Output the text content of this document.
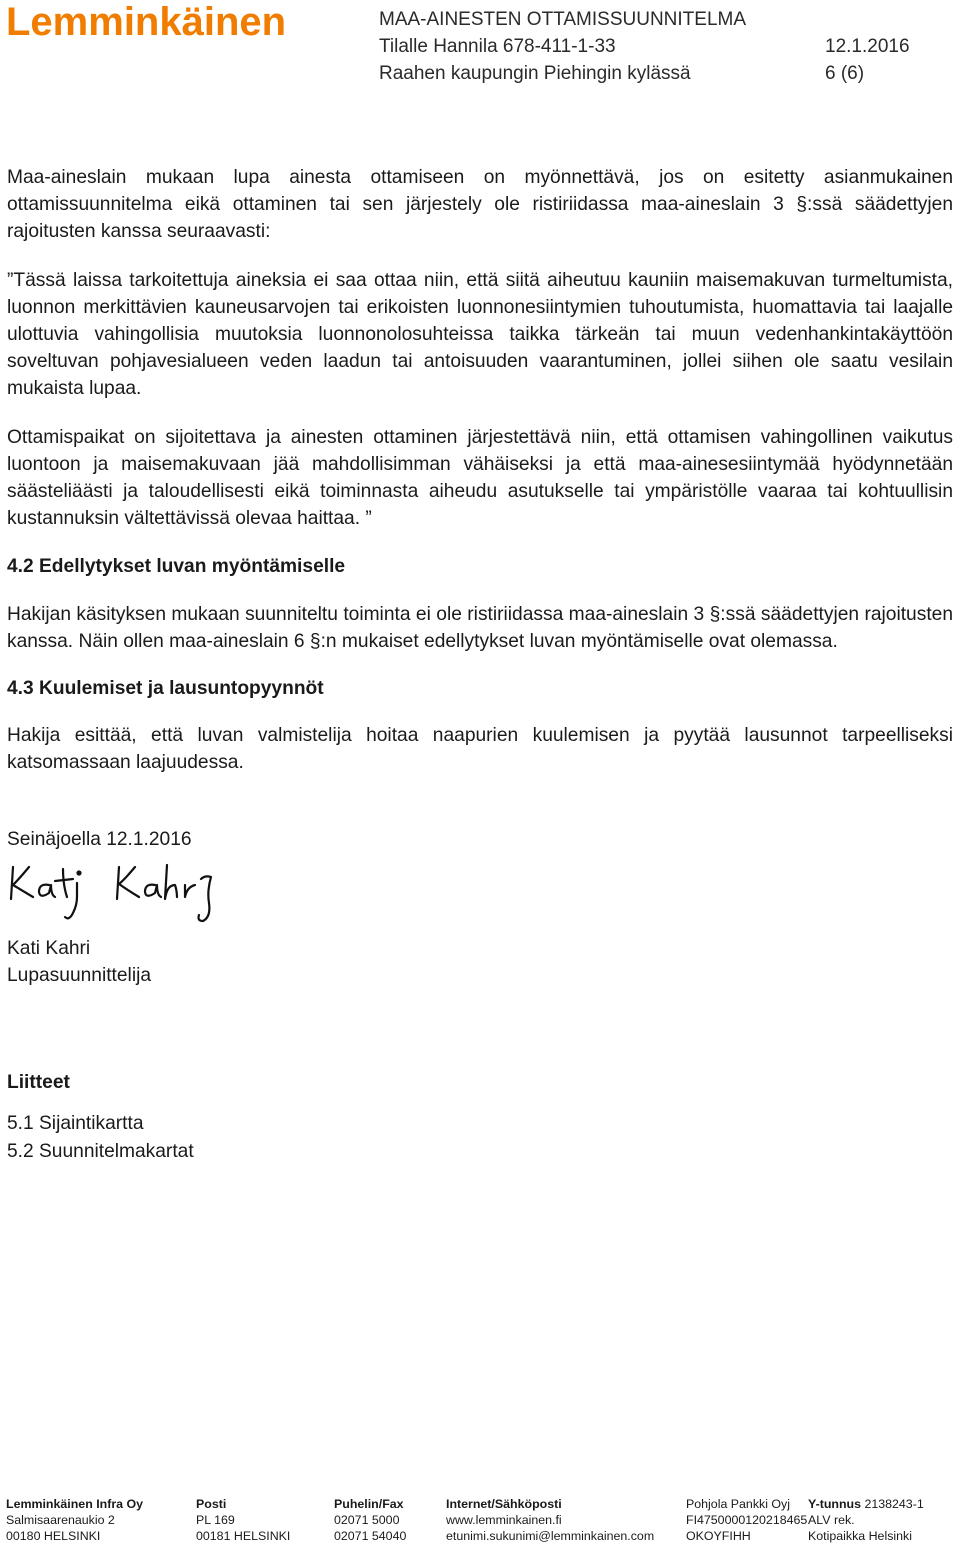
Lemminkäinen	MAA-AINESTEN OTTAMISSUUNNITELMA
Tilalle Hannila 678-411-1-33	12.1.2016
Raahen kaupungin Piehingin kylässä	6 (6)

Maa-aineslain mukaan lupa ainesta ottamiseen on myönnettävä, jos on esitetty asianmukainen ottamissuunnitelma eikä ottaminen tai sen järjestely ole ristiriidassa maa-aineslain 3 §:ssä säädettyjen rajoitusten kanssa seuraavasti:

”Tässä laissa tarkoitettuja aineksia ei saa ottaa niin, että siitä aiheutuu kauniin maisemakuvan turmeltumista, luonnon merkittävien kauneusarvojen tai erikoisten luonnonesiintymien tuhoutumista, huomattavia tai laajalle ulottuvia vahingollisia muutoksia luonnonolosuhteissa taikka tärkeän tai muun vedenhankintakäyttöön soveltuvan pohjavesialueen veden laadun tai antoisuuden vaarantuminen, jollei siihen ole saatu vesilain mukaista lupaa.

Ottamispaikat on sijoitettava ja ainesten ottaminen järjestettävä niin, että ottamisen vahingollinen vaikutus luontoon ja maisemakuvaan jää mahdollisimman vähäiseksi ja että maa-ainesesiintymää hyödynnetään säästeliäästi ja taloudellisesti eikä toiminnasta aiheudu asutukselle tai ympäristölle vaaraa tai kohtuullisin kustannuksin vältettävissä olevaa haittaa. ”

4.2 Edellytykset luvan myöntämiselle

Hakijan käsityksen mukaan suunniteltu toiminta ei ole ristiriidassa maa-aineslain 3 §:ssä säädettyjen rajoitusten kanssa. Näin ollen maa-aineslain 6 §:n mukaiset edellytykset luvan myöntämiselle ovat olemassa.

4.3 Kuulemiset ja lausuntopyynnöt

Hakija esittää, että luvan valmistelija hoitaa naapurien kuulemisen ja pyytää lausunnot tarpeelliseksi katsomassaan laajuudessa.

Seinäjoella 12.1.2016

Kati Kahri

Lupasuunnittelija

Liitteet

5.1 Sijaintikartta

5.2 Suunnitelmakartat

Lemminkäinen Infra Oy
Salmisaarenaukio 2
00180 HELSINKI
Posti
PL 169
00181 HELSINKI
Puhelin/Fax
02071 5000
02071 54040
Internet/Sähköposti
www.lemminkainen.fi
etunimi.sukunimi@lemminkainen.com
Pohjola Pankki Oyj
FI4750000120218465
OKOYFIHH
Y-tunnus 2138243-1
ALV rek.
Kotipaikka Helsinki
